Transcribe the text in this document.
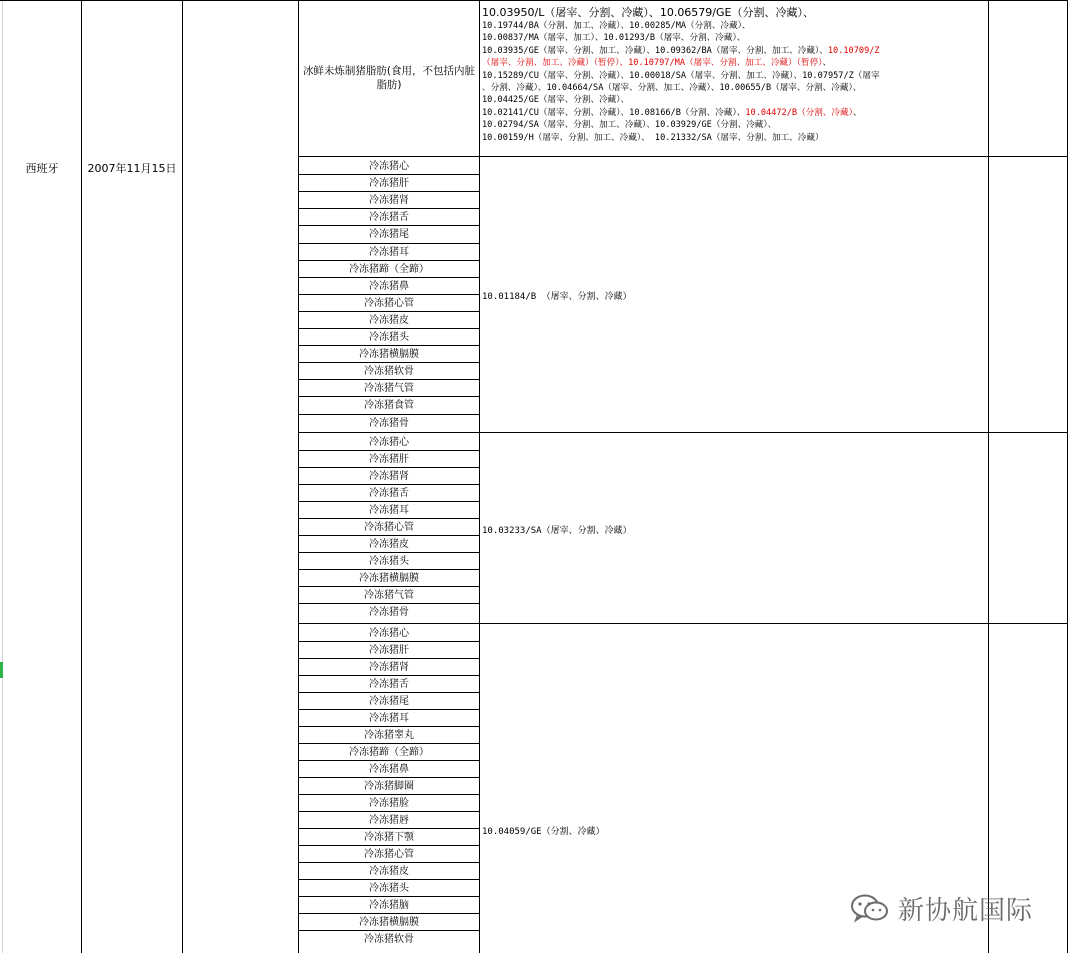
西班牙	2007年11月15日
冰鲜未炼制猪脂肪(食用，不包括内脏脂肪)
10.03950/L（屠宰、分割、冷藏）、10.06579/GE（分割、冷藏）、
10.19744/BA（分割、加工、冷藏）、10.00285/MA（分割、冷藏）、
10.00837/MA（屠宰、加工）、10.01293/B（屠宰、分割、冷藏）、
10.03935/GE（屠宰、分割、加工、冷藏）、10.09362/BA（屠宰、分割、加工、冷藏）、10.10709/Z
（屠宰、分割、加工、冷藏）（暂停）、10.10797/MA（屠宰、分割、加工、冷藏）（暂停）、
10.15289/CU（屠宰、分割、冷藏）、10.00018/SA（屠宰、分割、加工、冷藏）、10.07957/Z（屠宰
、分割、冷藏）、10.04664/SA（屠宰、分割、加工、冷藏）、10.00655/B（屠宰、分割、冷藏）、
10.04425/GE（屠宰、分割、冷藏）、
10.02141/CU（屠宰、分割、冷藏）、10.08166/B（分割、冷藏）、10.04472/B（分割、冷藏）、
10.02794/SA（屠宰、分割、加工、冷藏）、10.03929/GE（分割、冷藏）、
10.00159/H（屠宰、分割、加工、冷藏）、 10.21332/SA（屠宰、分割、加工、冷藏）
冷冻猪心
冷冻猪肝
冷冻猪肾
冷冻猪舌
冷冻猪尾
冷冻猪耳
冷冻猪蹄（全蹄）
冷冻猪鼻
冷冻猪心管
冷冻猪皮
冷冻猪头
冷冻猪横膈膜
冷冻猪软骨
冷冻猪气管
冷冻猪食管
冷冻猪骨
10.01184/B （屠宰、分割、冷藏）
冷冻猪心
冷冻猪肝
冷冻猪肾
冷冻猪舌
冷冻猪耳
冷冻猪心管
冷冻猪皮
冷冻猪头
冷冻猪横膈膜
冷冻猪气管
冷冻猪骨
10.03233/SA（屠宰、分割、冷藏）
冷冻猪心
冷冻猪肝
冷冻猪肾
冷冻猪舌
冷冻猪尾
冷冻猪耳
冷冻猪睾丸
冷冻猪蹄（全蹄）
冷冻猪鼻
冷冻猪脚圈
冷冻猪脸
冷冻猪唇
冷冻猪下颚
冷冻猪心管
冷冻猪皮
冷冻猪头
冷冻猪脑
冷冻猪横膈膜
冷冻猪软骨
10.04059/GE（分割、冷藏）
新协航国际
